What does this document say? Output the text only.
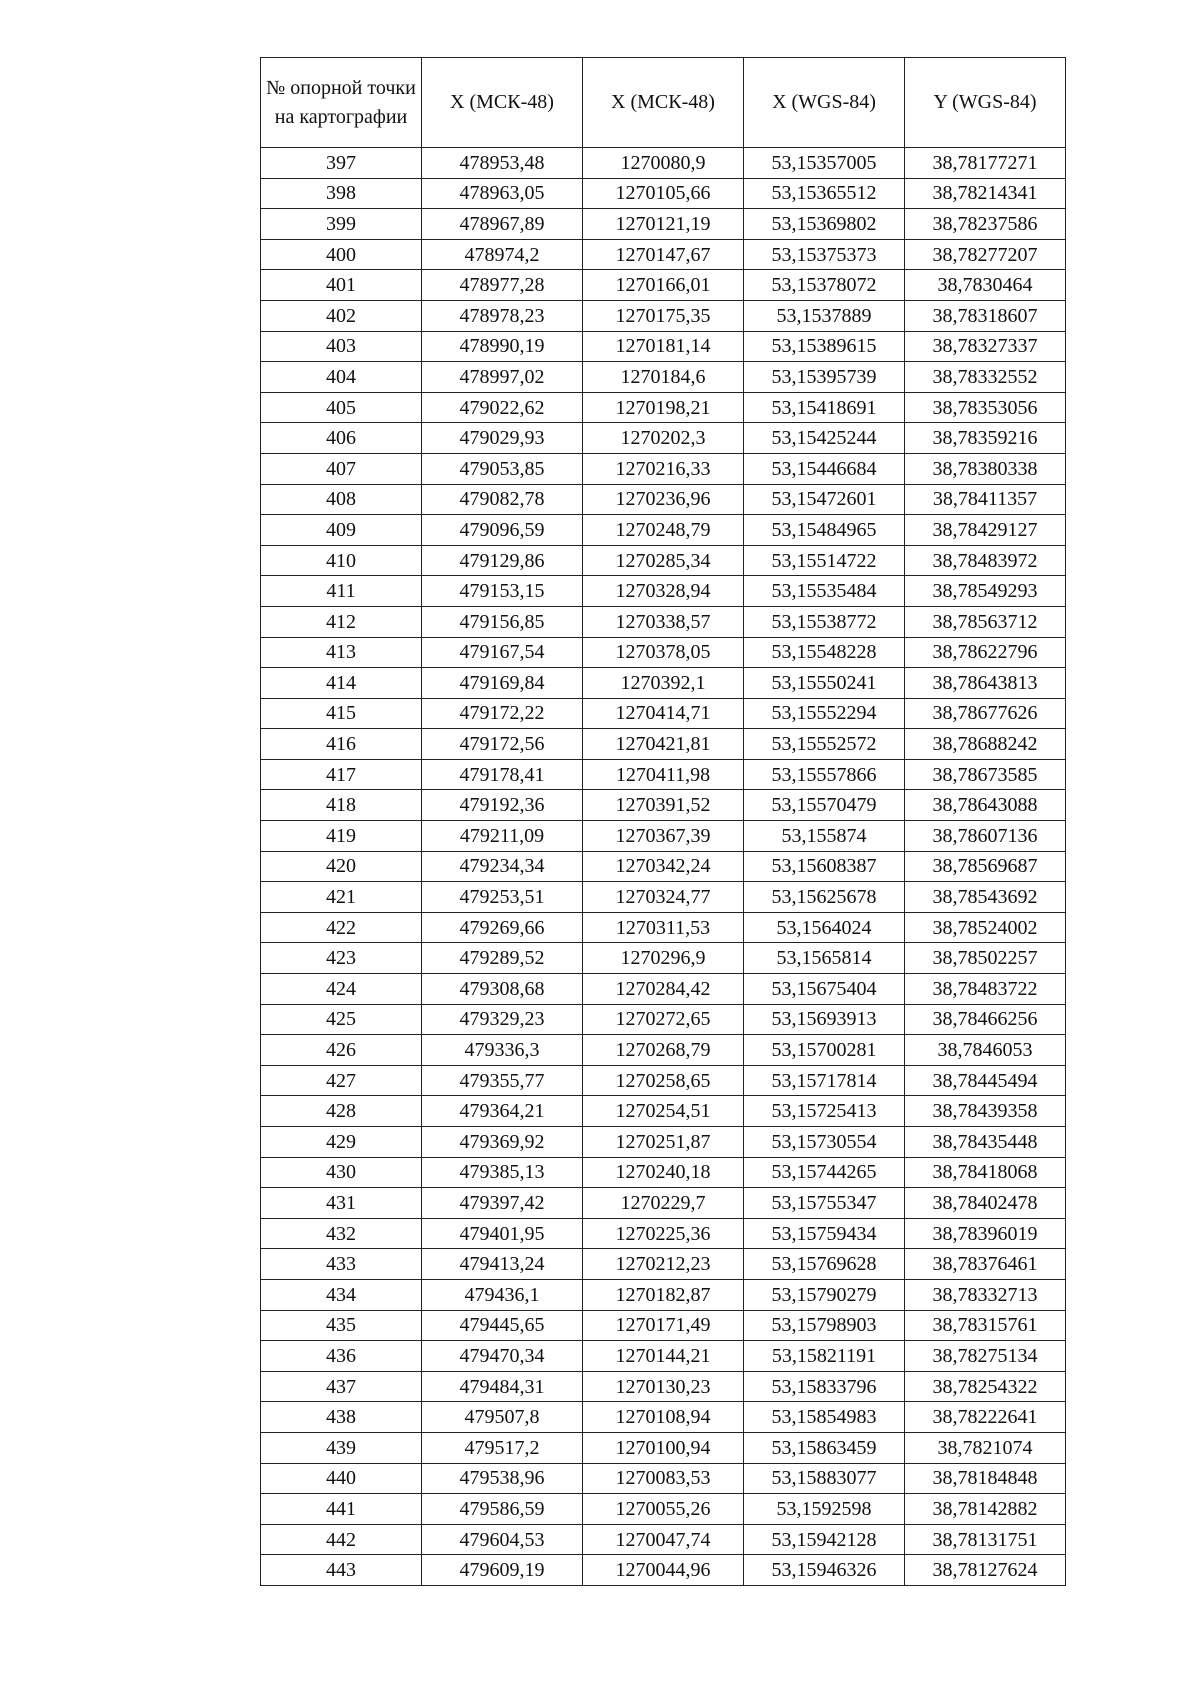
№ опорной точки на картографии	X (МСК-48)	X (МСК-48)	X (WGS-84)	Y (WGS-84)
397	478953,48	1270080,9	53,15357005	38,78177271
398	478963,05	1270105,66	53,15365512	38,78214341
399	478967,89	1270121,19	53,15369802	38,78237586
400	478974,2	1270147,67	53,15375373	38,78277207
401	478977,28	1270166,01	53,15378072	38,7830464
402	478978,23	1270175,35	53,1537889	38,78318607
403	478990,19	1270181,14	53,15389615	38,78327337
404	478997,02	1270184,6	53,15395739	38,78332552
405	479022,62	1270198,21	53,15418691	38,78353056
406	479029,93	1270202,3	53,15425244	38,78359216
407	479053,85	1270216,33	53,15446684	38,78380338
408	479082,78	1270236,96	53,15472601	38,78411357
409	479096,59	1270248,79	53,15484965	38,78429127
410	479129,86	1270285,34	53,15514722	38,78483972
411	479153,15	1270328,94	53,15535484	38,78549293
412	479156,85	1270338,57	53,15538772	38,78563712
413	479167,54	1270378,05	53,15548228	38,78622796
414	479169,84	1270392,1	53,15550241	38,78643813
415	479172,22	1270414,71	53,15552294	38,78677626
416	479172,56	1270421,81	53,15552572	38,78688242
417	479178,41	1270411,98	53,15557866	38,78673585
418	479192,36	1270391,52	53,15570479	38,78643088
419	479211,09	1270367,39	53,155874	38,78607136
420	479234,34	1270342,24	53,15608387	38,78569687
421	479253,51	1270324,77	53,15625678	38,78543692
422	479269,66	1270311,53	53,1564024	38,78524002
423	479289,52	1270296,9	53,1565814	38,78502257
424	479308,68	1270284,42	53,15675404	38,78483722
425	479329,23	1270272,65	53,15693913	38,78466256
426	479336,3	1270268,79	53,15700281	38,7846053
427	479355,77	1270258,65	53,15717814	38,78445494
428	479364,21	1270254,51	53,15725413	38,78439358
429	479369,92	1270251,87	53,15730554	38,78435448
430	479385,13	1270240,18	53,15744265	38,78418068
431	479397,42	1270229,7	53,15755347	38,78402478
432	479401,95	1270225,36	53,15759434	38,78396019
433	479413,24	1270212,23	53,15769628	38,78376461
434	479436,1	1270182,87	53,15790279	38,78332713
435	479445,65	1270171,49	53,15798903	38,78315761
436	479470,34	1270144,21	53,15821191	38,78275134
437	479484,31	1270130,23	53,15833796	38,78254322
438	479507,8	1270108,94	53,15854983	38,78222641
439	479517,2	1270100,94	53,15863459	38,7821074
440	479538,96	1270083,53	53,15883077	38,78184848
441	479586,59	1270055,26	53,1592598	38,78142882
442	479604,53	1270047,74	53,15942128	38,78131751
443	479609,19	1270044,96	53,15946326	38,78127624
